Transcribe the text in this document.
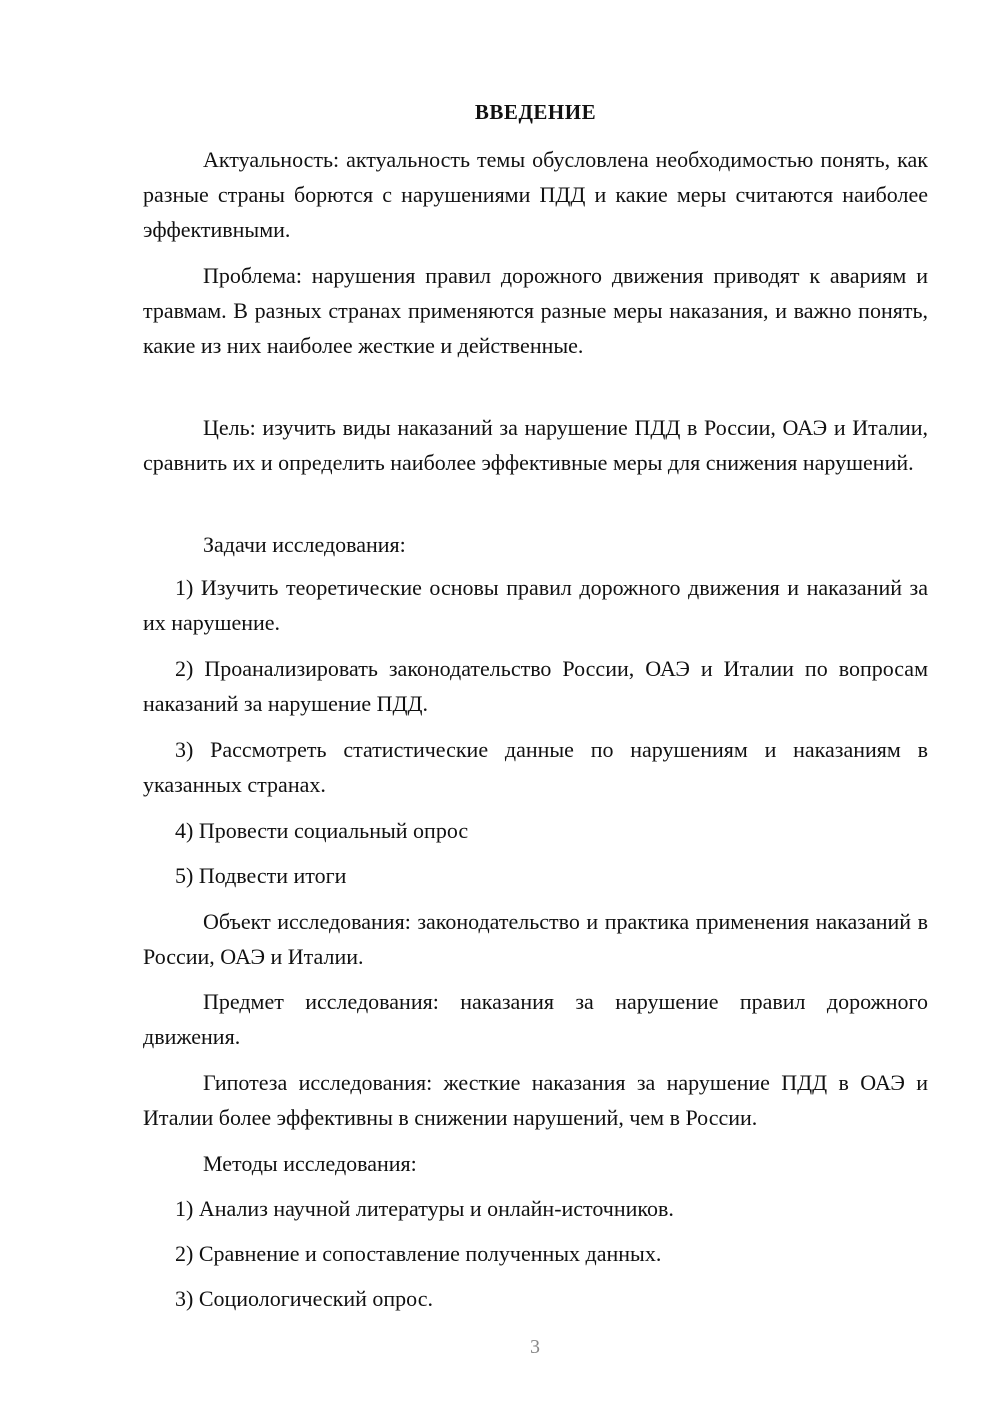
ВВЕДЕНИЕ

Актуальность: актуальность темы обусловлена необходимостью понять, как разные страны борются с нарушениями ПДД и какие меры считаются наиболее эффективными.

Проблема: нарушения правил дорожного движения приводят к авариям и травмам. В разных странах применяются разные меры наказания, и важно понять, какие из них наиболее жесткие и действенные.

Цель: изучить виды наказаний за нарушение ПДД в России, ОАЭ и Италии, сравнить их и определить наиболее эффективные меры для снижения нарушений.

Задачи исследования:

1) Изучить теоретические основы правил дорожного движения и наказаний за их нарушение.

2) Проанализировать законодательство России, ОАЭ и Италии по вопросам наказаний за нарушение ПДД.

3) Рассмотреть статистические данные по нарушениям и наказаниям в указанных странах.

4) Провести социальный опрос

5) Подвести итоги

Объект исследования: законодательство и практика применения наказаний в России, ОАЭ и Италии.

Предмет исследования: наказания за нарушение правил дорожного движения.

Гипотеза исследования: жесткие наказания за нарушение ПДД в ОАЭ и Италии более эффективны в снижении нарушений, чем в России.

Методы исследования:

1) Анализ научной литературы и онлайн-источников.

2) Сравнение и сопоставление полученных данных.

3) Социологический опрос.

3
